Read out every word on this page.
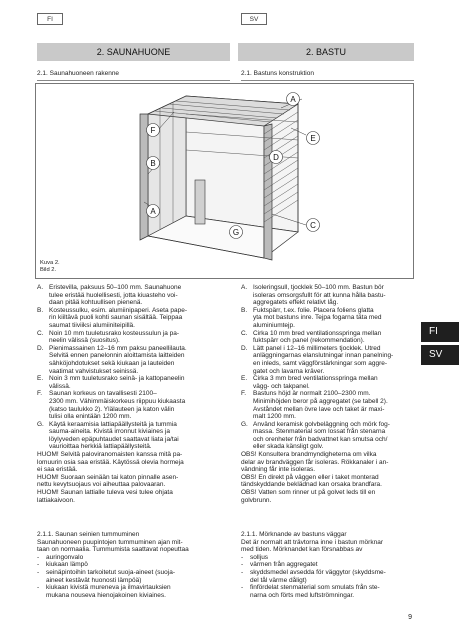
FI	SV
2. SAUNAHUONE	2. BASTU
2.1. Saunahuoneen rakenne	2.1. Bastuns konstruktion
A
F
E
B
D
A
C
G
Kuva 2.
Bild 2.
A. Eristevilla, paksuus 50–100 mm. Saunahuone
tulee eristää huolellisesti, jotta kiuasteho voi-
daan pitää kohtuullisen pienenä.
B. Kosteussulku, esim. alumiinipaperi. Aseta pape-
rin kiiltävä puoli kohti saunan sisältää. Teippaa
saumat tiiviiksi alumiiniteipillä.
C. Noin 10 mm tuuletusrako kosteussulun ja pa-
neelin välissä (suositus).
D. Pienimassainen 12–16 mm paksu paneellilauta.
Selvitä ennen panelonnin aloittamista laitteiden
sähköjohdotukset sekä kiukaan ja lauteiden
vaatimat vahvistukset seinissä.
E. Noin 3 mm tuuletusrako seinä- ja kattopaneelin
välissä.
F.	Saunan korkeus on tavallisesti 2100–
2300 mm. Vähimmäiskorkeus riippuu kiukaasta
(katso taulukko 2). Ylälauteen ja katon välin
tulisi olla enintään 1200 mm.
G. Käytä keraamisia lattiapäällysteitä ja tummia
sauma-aineita. Kivistä irronnut kiviaines ja
löylyveden epäpuhtaudet saattavat liata ja/tai
vaurioittaa herkkiä lattiapäällysteitä.
HUOM! Selvitä paloviranomaisten kanssa mitä pa-
lomuurin osia saa eristää. Käytössä olevia hormeja
ei saa eristää.
HUOM! Suoraan seinään tai katon pinnalle asen-
nettu kevytsuojaus voi aiheuttaa palovaaran.
HUOM! Saunan lattialle tuleva vesi tulee ohjata
lattiakaivoon.
A. Isoleringsull, tjocklek 50–100 mm. Bastun bör
isoleras omsorgsfullt för att kunna hålla bastu-
aggregatets effekt relativt låg.
B. Fuktspärr, t.ex. folie. Placera foliens glatta
yta mot bastuns inre. Tejpa fogarna täta med
aluminiumtejp.
C. Cirka 10 mm bred ventilationsspringa mellan
fuktspärr och panel (rekommendation).
D. Lätt panel i 12–16 millimeters tjocklek. Utred
anläggningarnas elanslutningar innan panelning-
en inleds, samt väggförstärkningar som aggre-
gatet och lavarna kräver.
E. Cirka 3 mm bred ventilationsspringa mellan
vägg- och takpanel.
F.	Bastuns höjd är normalt 2100–2300 mm.
Minimihöjden beror på aggregatet (se tabell 2).
Avståndet mellan övre lave och taket är maxi-
malt 1200 mm.
G. Använd keramisk golvbeläggning och mörk fog-
massa. Stenmaterial som lossat från stenarna
och orenheter från badvattnet kan smutsa och/
eller skada känsligt golv.
OBS! Konsultera brandmyndigheterna om vilka
delar av brandväggen får isoleras. Rökkanaler i an-
vändning får inte isoleras.
OBS! En direkt på väggen eller i taket monterad
tändskyddande beklädnad kan orsaka brandfara.
OBS! Vatten som rinner ut på golvet leds till en
golvbrunn.
2.1.1. Saunan seinien tummuminen
Saunahuoneen puupintojen tummuminen ajan mit-
taan on normaalia. Tummumista saattavat nopeuttaa
-	auringonvalo
-	kiukaan lämpö
-	seinäpintoihin tarkoitetut suoja-aineet (suoja-
aineet kestävät huonosti lämpöä)
-	kiukaan kivistä mureneva ja ilmavirtauksien
mukana nouseva hienojakoinen kiviaines.
2.1.1. Mörknande av bastuns väggar
Det är normalt att trävtorna inne i bastun mörknar
med tiden. Mörknandet kan försnabbas av
-	solljus
-	värmen från aggregatet
-	skyddsmedel avsedda för väggytor (skyddsme-
del tål värme dåligt)
-	finfördelat stenmaterial som smulats från ste-
narna och förts med luftströmningar.
FI
SV
9
